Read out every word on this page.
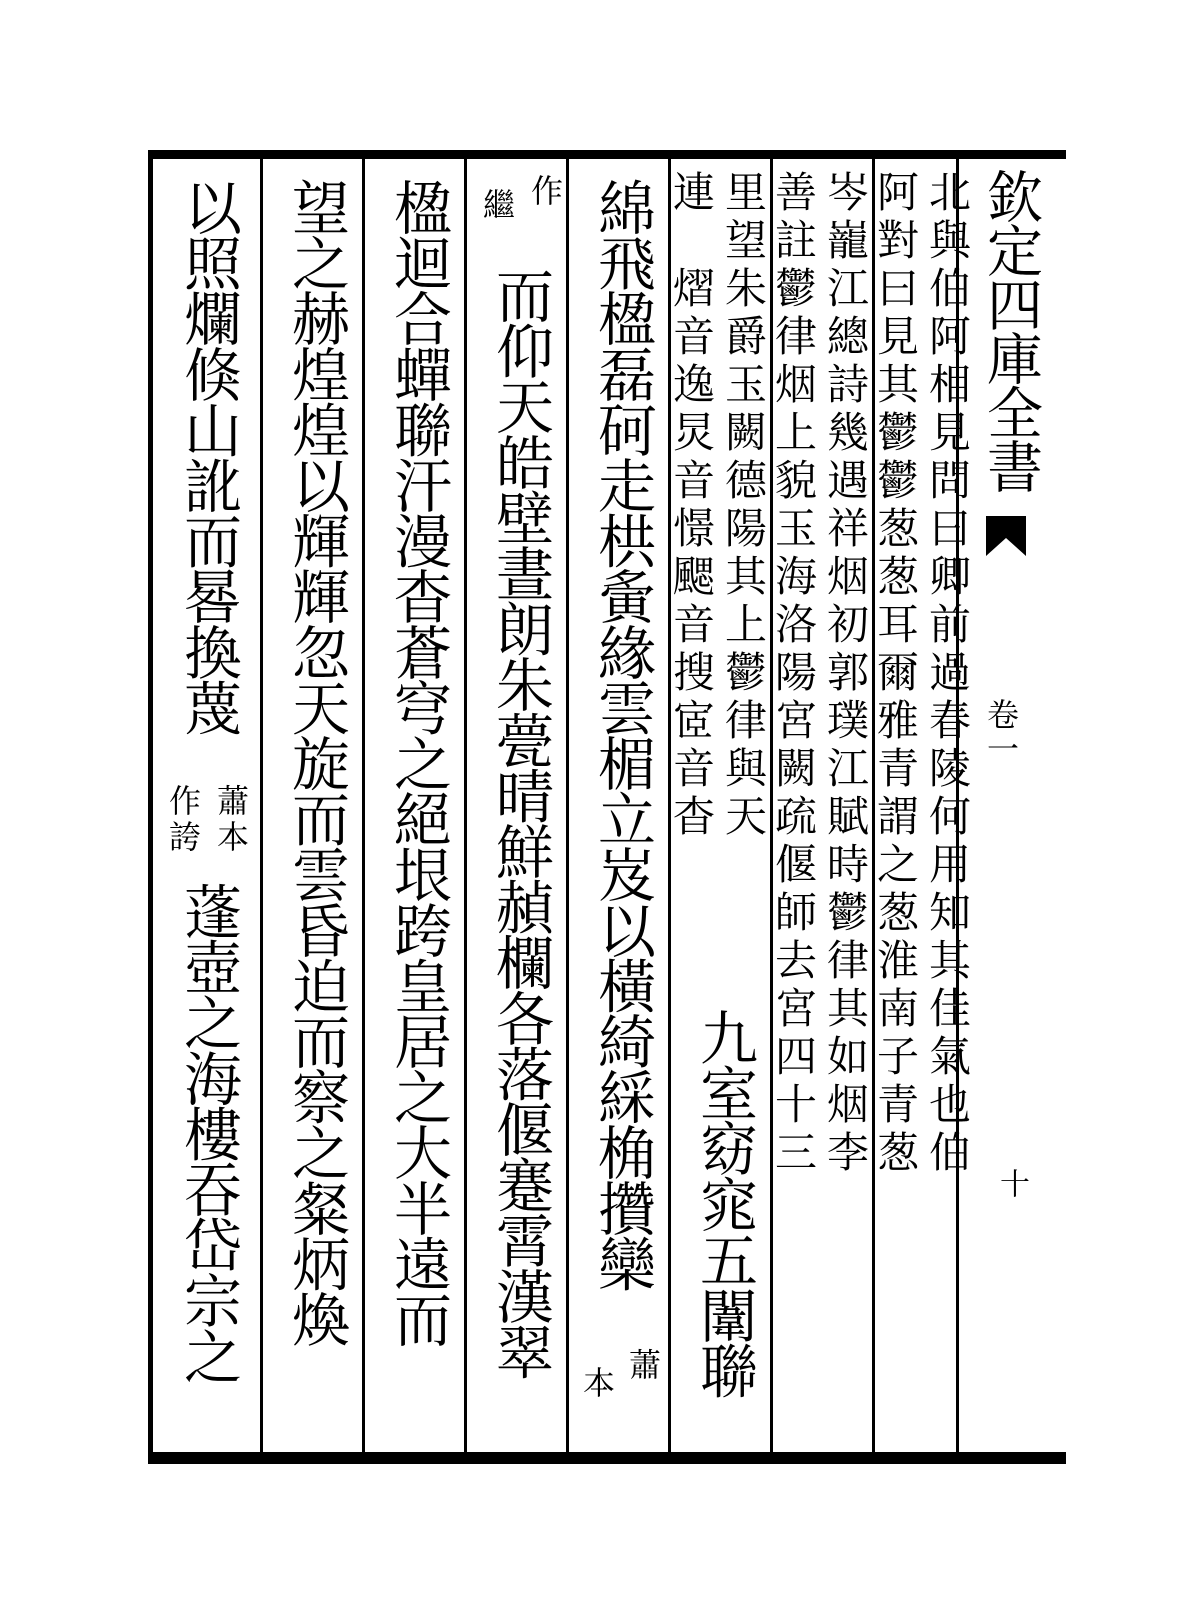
欽定四庫全書
卷一
十
北與伯阿相見問曰卿前過春陵何用知其佳氣也伯
阿對曰見其鬱鬱葱葱耳爾雅青謂之葱淮南子青葱
岑巃江總詩幾遇祥烟初郭璞江賦時鬱律其如烟李
善註鬱律烟上貌玉海洛陽宮闕疏偃師去宮四十三
里望朱爵玉闕德陽其上鬱律與天
連　熠音逸炅音憬颸音搜宧音杳
九室窈窕五闈聯
綿飛楹磊砢走栱夤緣雲楣立岌以橫綺綵桷攢欒
蕭
本
作
繼
而仰天皓壁晝朗朱甍晴鮮赬欄各落偃蹇霄漢翠
楹迴合蟬聯汗漫杳蒼穹之絕垠跨皇居之大半遠而
望之赫煌煌以輝輝忽天旋而雲昏迫而察之粲炳煥
以照爛倏山訛而晷換蔑
蕭本
作誇
蓬壺之海樓吞岱宗之
